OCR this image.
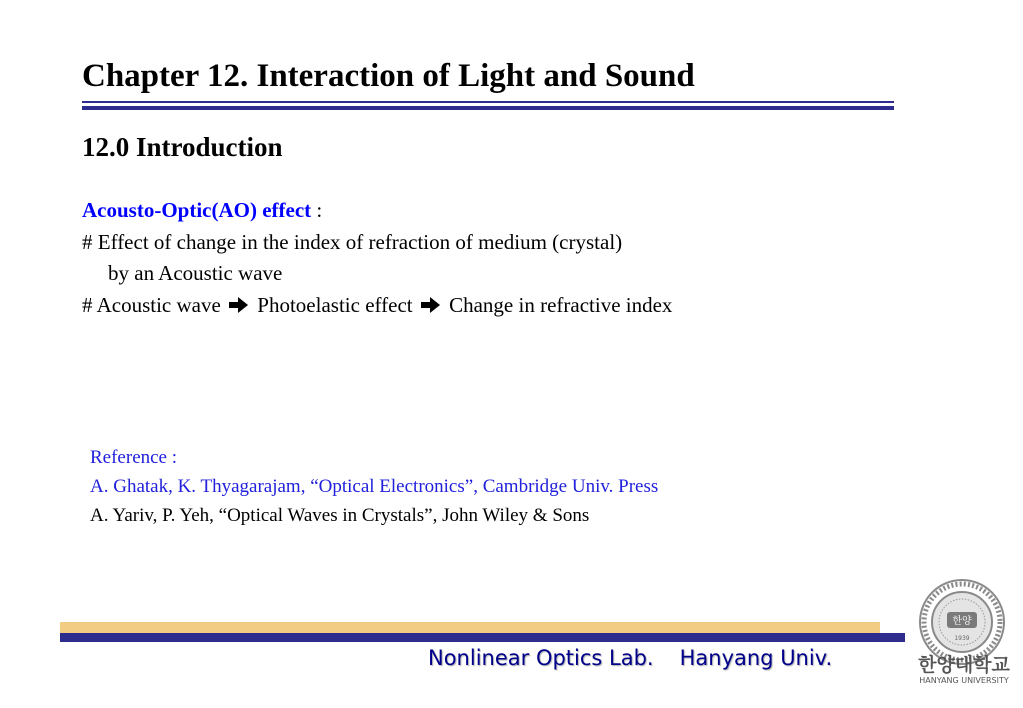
Chapter 12. Interaction of Light and Sound
12.0 Introduction
Acousto-Optic(AO) effect :
# Effect of change in the index of refraction of medium (crystal)
by an Acoustic wave
# Acoustic wave Photoelastic effect Change in refractive index
Reference :
A. Ghatak, K. Thyagarajam, “Optical Electronics”, Cambridge Univ. Press
A. Yariv, P. Yeh, “Optical Waves in Crystals”, John Wiley & Sons
Nonlinear Optics Lab. Hanyang Univ.
한양
1939
한양대학교
HANYANG UNIVERSITY
